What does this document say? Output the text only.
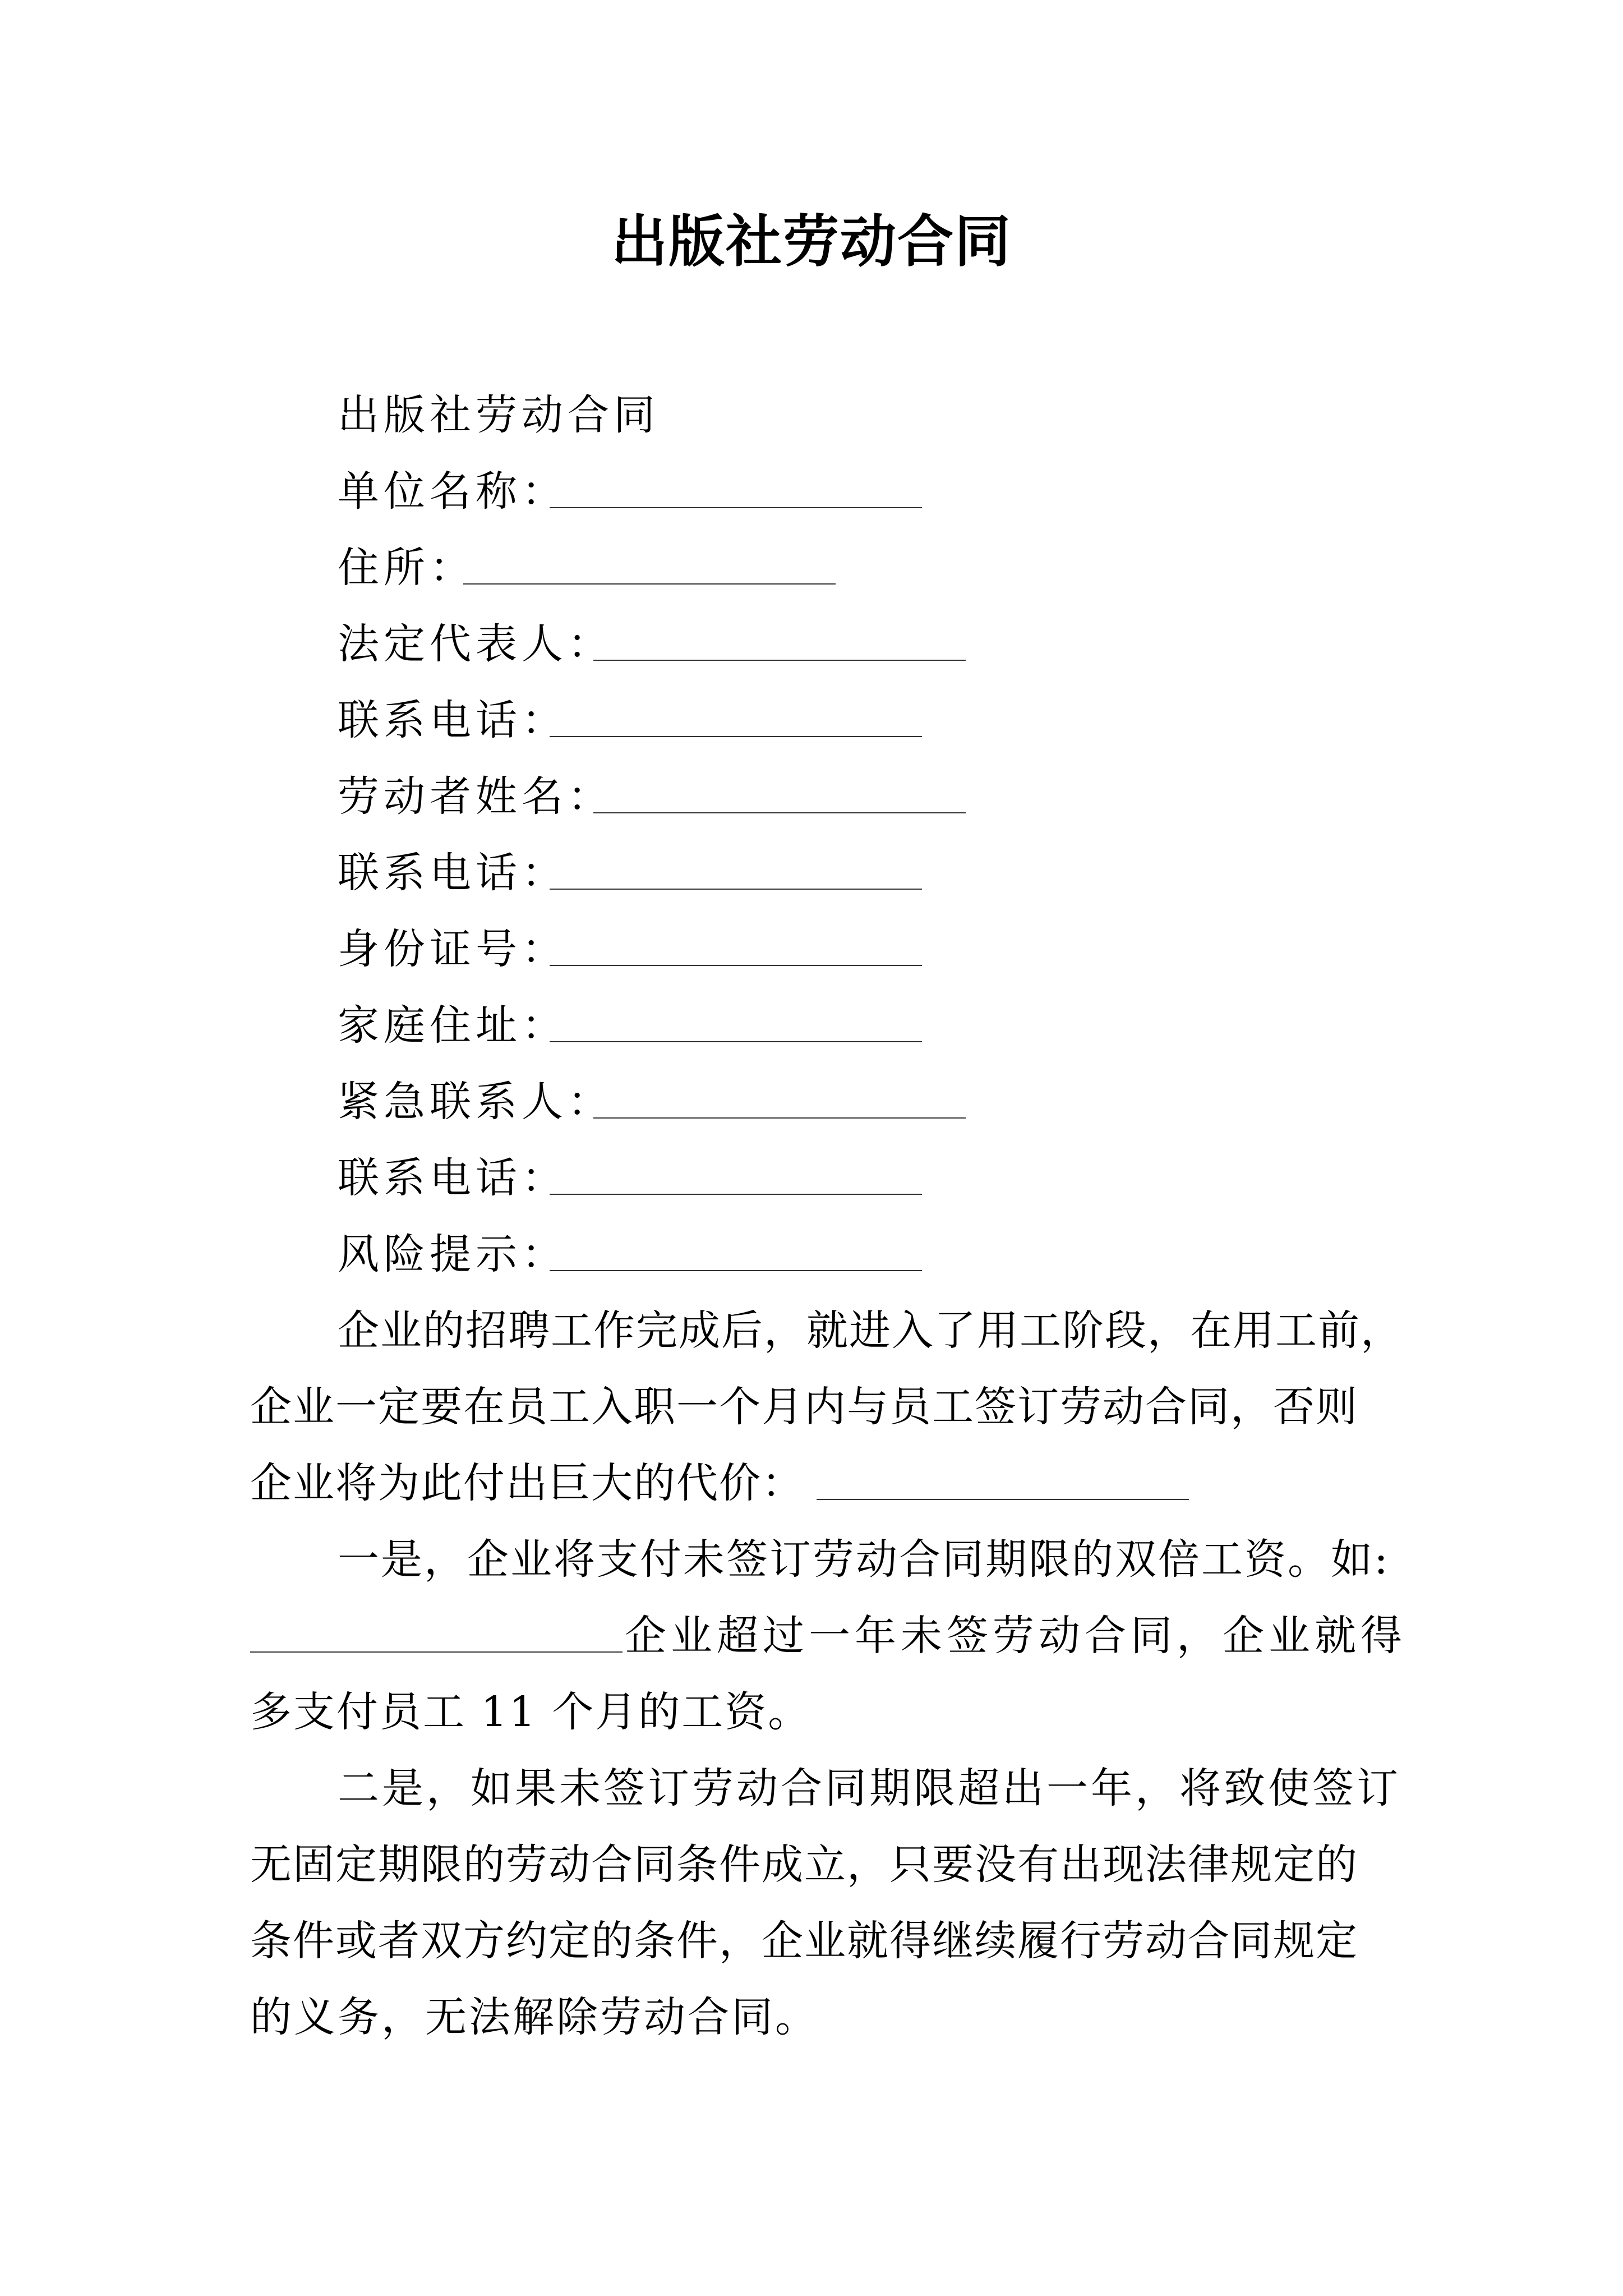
出版社劳动合同
出版社劳动合同
单位名称：
住所：
法定代表人：
联系电话：
劳动者姓名：
联系电话：
身份证号：
家庭住址：
紧急联系人：
联系电话：
风险提示：
企业的招聘工作完成后，就进入了用工阶段，在用工前，
企业一定要在员工入职一个月内与员工签订劳动合同，否则
企业将为此付出巨大的代价：
一是，企业将支付未签订劳动合同期限的双倍工资。如:
企业超过一年未签劳动合同，企业就得
多支付员工 11 个月的工资。
二是，如果未签订劳动合同期限超出一年，将致使签订
无固定期限的劳动合同条件成立，只要没有出现法律规定的
条件或者双方约定的条件，企业就得继续履行劳动合同规定
的义务，无法解除劳动合同。
